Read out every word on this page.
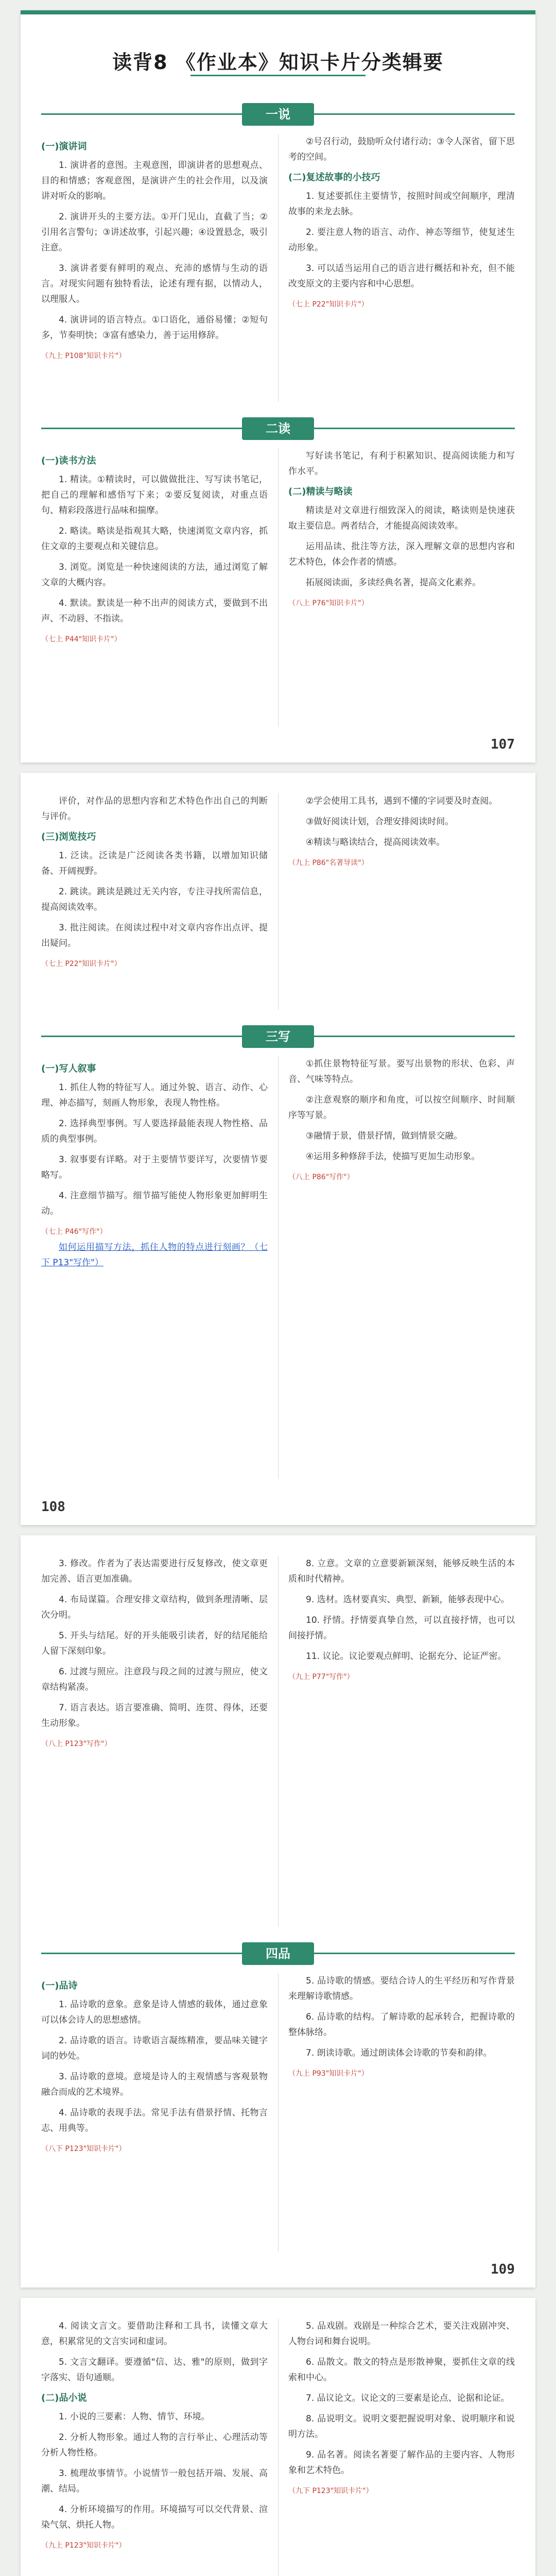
读背8 《作业本》知识卡片分类辑要
一说
(一)演讲词

1. 演讲者的意图。主观意图，即演讲者的思想观点、目的和情感；客观意图，是演讲产生的社会作用，以及演讲对听众的影响。

2. 演讲开头的主要方法。①开门见山，直截了当；②引用名言警句；③讲述故事，引起兴趣；④设置悬念，吸引注意。

3. 演讲者要有鲜明的观点、充沛的感情与生动的语言。对现实问题有独特看法，论述有理有据，以情动人，以理服人。

4. 演讲词的语言特点。①口语化，通俗易懂；②短句多，节奏明快；③富有感染力，善于运用修辞。

（九上 P108"知识卡片"）

②号召行动，鼓励听众付诸行动；③令人深省，留下思考的空间。

(二)复述故事的小技巧

1. 复述要抓住主要情节，按照时间或空间顺序，理清故事的来龙去脉。

2. 要注意人物的语言、动作、神态等细节，使复述生动形象。

3. 可以适当运用自己的语言进行概括和补充，但不能改变原文的主要内容和中心思想。

（七上 P22"知识卡片"）
二读
(一)读书方法

1. 精读。①精读时，可以做做批注、写写读书笔记，把自己的理解和感悟写下来；②要反复阅读，对重点语句、精彩段落进行品味和揣摩。

2. 略读。略读是指观其大略，快速浏览文章内容，抓住文章的主要观点和关键信息。

3. 浏览。浏览是一种快速阅读的方法，通过浏览了解文章的大概内容。

4. 默读。默读是一种不出声的阅读方式，要做到不出声、不动唇、不指读。

（七上 P44"知识卡片"）

写好读书笔记，有利于积累知识、提高阅读能力和写作水平。

(二)精读与略读

精读是对文章进行细致深入的阅读，略读则是快速获取主要信息。两者结合，才能提高阅读效率。

运用品读、批注等方法，深入理解文章的思想内容和艺术特色，体会作者的情感。

拓展阅读面，多读经典名著，提高文化素养。

（八上 P76"知识卡片"）
107

评价，对作品的思想内容和艺术特色作出自己的判断与评价。

(三)浏览技巧

1. 泛读。泛读是广泛阅读各类书籍，以增加知识储备、开阔视野。

2. 跳读。跳读是跳过无关内容，专注寻找所需信息，提高阅读效率。

3. 批注阅读。在阅读过程中对文章内容作出点评、提出疑问。

（七上 P22"知识卡片"）

②学会使用工具书，遇到不懂的字词要及时查阅。

③做好阅读计划，合理安排阅读时间。

④精读与略读结合，提高阅读效率。

（九上 P86"名著导读"）
三写
(一)写人叙事

1. 抓住人物的特征写人。通过外貌、语言、动作、心理、神态描写，刻画人物形象，表现人物性格。

2. 选择典型事例。写人要选择最能表现人物性格、品质的典型事例。

3. 叙事要有详略。对于主要情节要详写，次要情节要略写。

4. 注意细节描写。细节描写能使人物形象更加鲜明生动。

（七上 P46"写作"）

如何运用描写方法，抓住人物的特点进行刻画？（七下 P13"写作"）

①抓住景物特征写景。要写出景物的形状、色彩、声音、气味等特点。

②注意观察的顺序和角度，可以按空间顺序、时间顺序等写景。

③融情于景，借景抒情，做到情景交融。

④运用多种修辞手法，使描写更加生动形象。

（八上 P86"写作"）
108

3. 修改。作者为了表达需要进行反复修改，使文章更加完善、语言更加准确。

4. 布局谋篇。合理安排文章结构，做到条理清晰、层次分明。

5. 开头与结尾。好的开头能吸引读者，好的结尾能给人留下深刻印象。

6. 过渡与照应。注意段与段之间的过渡与照应，使文章结构紧凑。

7. 语言表达。语言要准确、简明、连贯、得体，还要生动形象。

（八上 P123"写作"）

8. 立意。文章的立意要新颖深刻，能够反映生活的本质和时代精神。

9. 选材。选材要真实、典型、新颖，能够表现中心。

10. 抒情。抒情要真挚自然，可以直接抒情，也可以间接抒情。

11. 议论。议论要观点鲜明、论据充分、论证严密。

（九上 P77"写作"）
四品
(一)品诗

1. 品诗歌的意象。意象是诗人情感的载体，通过意象可以体会诗人的思想感情。

2. 品诗歌的语言。诗歌语言凝练精准，要品味关键字词的妙处。

3. 品诗歌的意境。意境是诗人的主观情感与客观景物融合而成的艺术境界。

4. 品诗歌的表现手法。常见手法有借景抒情、托物言志、用典等。

（八下 P123"知识卡片"）

5. 品诗歌的情感。要结合诗人的生平经历和写作背景来理解诗歌情感。

6. 品诗歌的结构。了解诗歌的起承转合，把握诗歌的整体脉络。

7. 朗读诗歌。通过朗读体会诗歌的节奏和韵律。

（九上 P93"知识卡片"）
109

4. 阅读文言文。要借助注释和工具书，读懂文章大意，积累常见的文言实词和虚词。

5. 文言文翻译。要遵循"信、达、雅"的原则，做到字字落实、语句通顺。

(二)品小说

1. 小说的三要素：人物、情节、环境。

2. 分析人物形象。通过人物的言行举止、心理活动等分析人物性格。

3. 梳理故事情节。小说情节一般包括开端、发展、高潮、结局。

4. 分析环境描写的作用。环境描写可以交代背景、渲染气氛、烘托人物。

（九上 P123"知识卡片"）

5. 品戏剧。戏剧是一种综合艺术，要关注戏剧冲突、人物台词和舞台说明。

6. 品散文。散文的特点是形散神聚，要抓住文章的线索和中心。

7. 品议论文。议论文的三要素是论点、论据和论证。

8. 品说明文。说明文要把握说明对象、说明顺序和说明方法。

9. 品名著。阅读名著要了解作品的主要内容、人物形象和艺术特色。

（九下 P123"知识卡片"）
